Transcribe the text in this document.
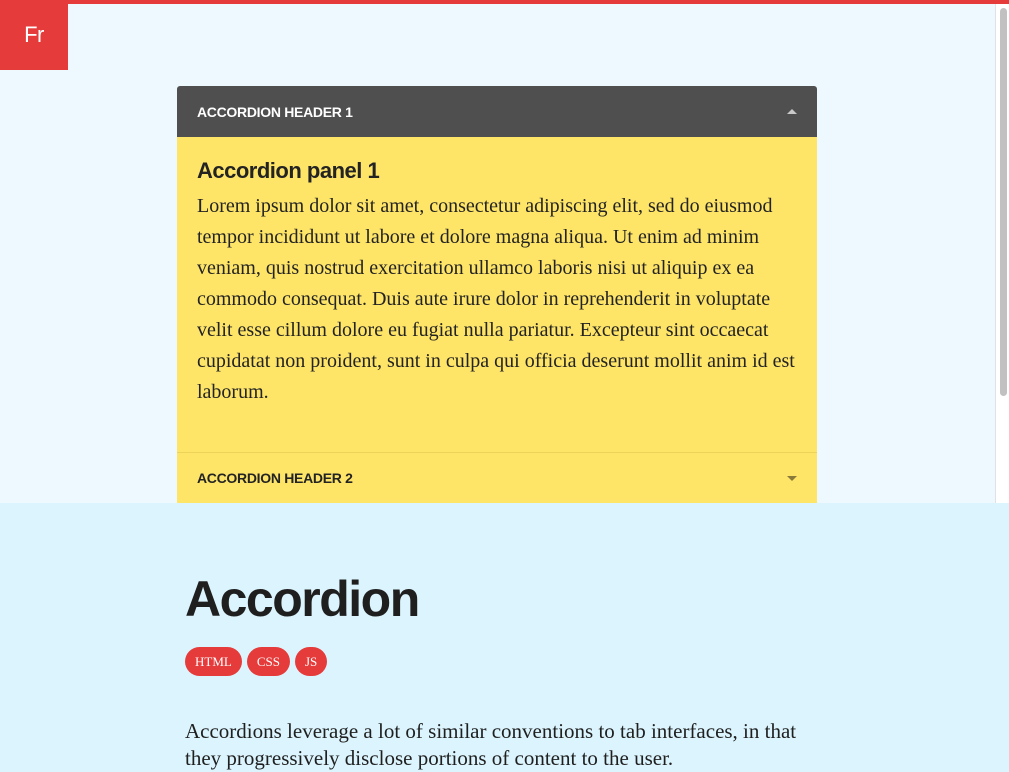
Fr
ACCORDION HEADER 1
Accordion panel 1

Lorem ipsum dolor sit amet, consectetur adipiscing elit, sed do eiusmod tempor incididunt ut labore et dolore magna aliqua. Ut enim ad minim veniam, quis nostrud exercitation ullamco laboris nisi ut aliquip ex ea commodo consequat. Duis aute irure dolor in reprehenderit in voluptate velit esse cillum dolore eu fugiat nulla pariatur. Excepteur sint occaecat cupidatat non proident, sunt in culpa qui officia deserunt mollit anim id est laborum.

ACCORDION HEADER 2
Accordion
HTML	CSS	JS

Accordions leverage a lot of similar conventions to tab interfaces, in that they progressively disclose portions of content to the user.
